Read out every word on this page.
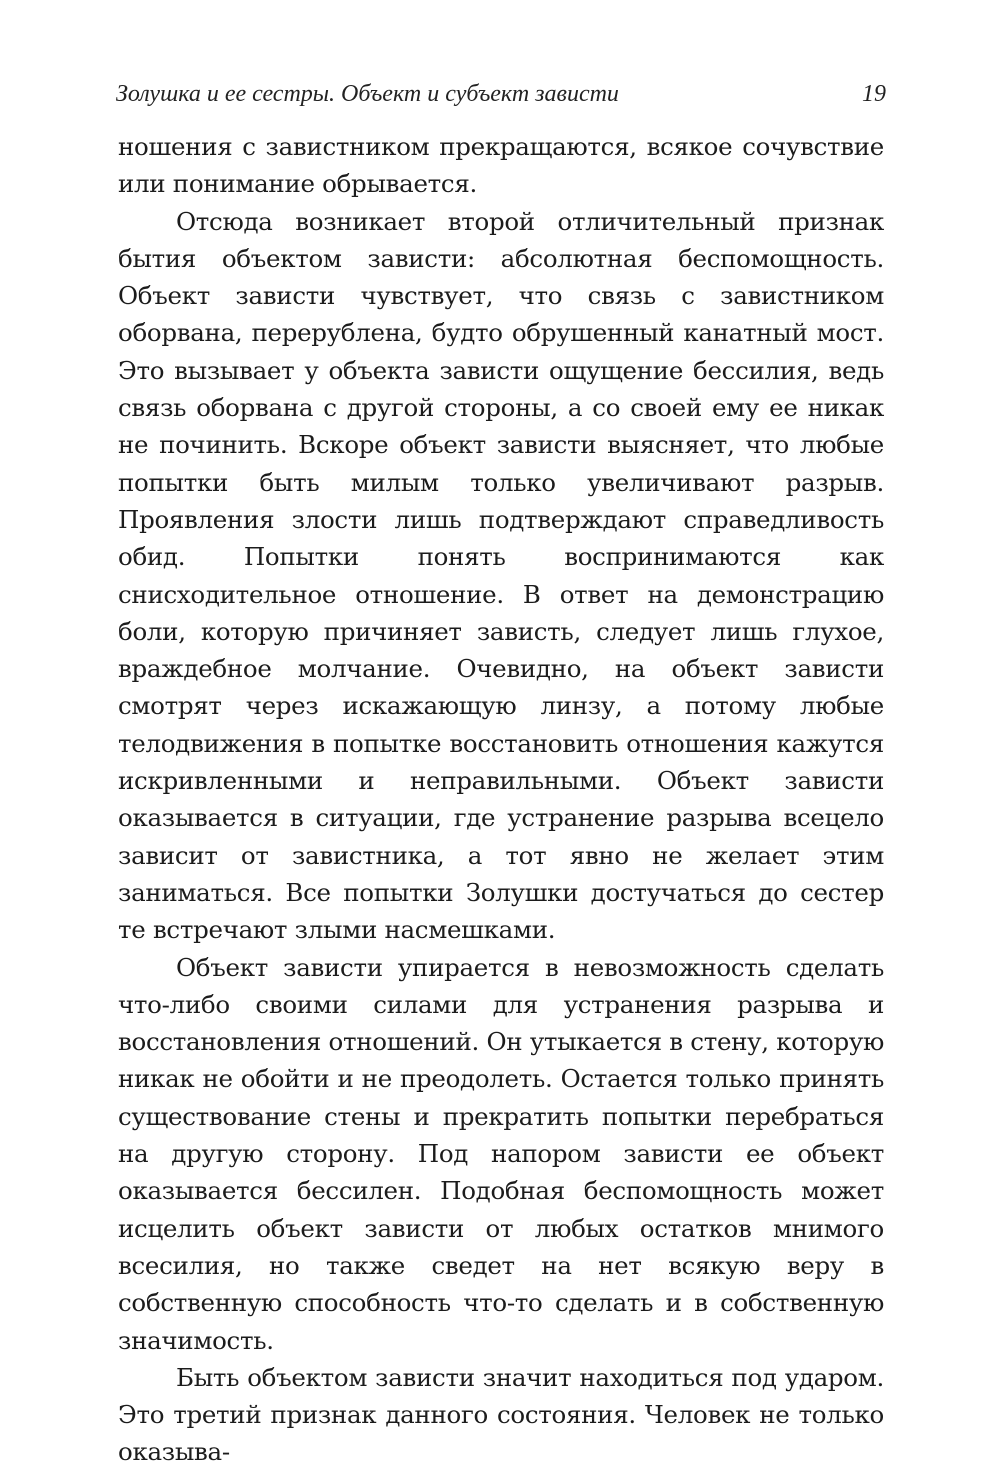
Золушка и ее сестры. Объект и субъект зависти	19

ношения с завистником прекращаются, всякое сочувствие или понимание обрывается.

Отсюда возникает второй отличительный признак бытия объектом зависти: абсолютная беспомощность. Объект зависти чувствует, что связь с завистником оборвана, перерублена, будто обрушенный канатный мост. Это вызывает у объекта зависти ощущение бессилия, ведь связь оборвана с другой стороны, а со своей ему ее никак не починить. Вскоре объект зависти выясняет, что любые попытки быть милым только увеличивают разрыв. Проявления злости лишь подтверждают справедливость обид. Попытки понять воспринимаются как снисходительное отношение. В ответ на демонстрацию боли, которую причиняет зависть, следует лишь глухое, враждебное молчание. Очевидно, на объект зависти смотрят через искажающую линзу, а потому любые телодвижения в попытке восстановить отношения кажутся искривленными и неправильными. Объект зависти оказывается в ситуации, где устранение разрыва всецело зависит от завистника, а тот явно не желает этим заниматься. Все попытки Золушки достучаться до сестер те встречают злыми насмешками.

Объект зависти упирается в невозможность сделать что-либо своими силами для устранения разрыва и восстановления отношений. Он утыкается в стену, которую никак не обойти и не преодолеть. Остается только принять существование стены и прекратить попытки перебраться на другую сторону. Под напором зависти ее объект оказывается бессилен. Подобная беспомощность может исцелить объект зависти от любых остатков мнимого всесилия, но также сведет на нет всякую веру в собственную способность что-то сделать и в собственную значимость.

Быть объектом зависти значит находиться под ударом. Это третий признак данного состояния. Человек не только оказыва-
